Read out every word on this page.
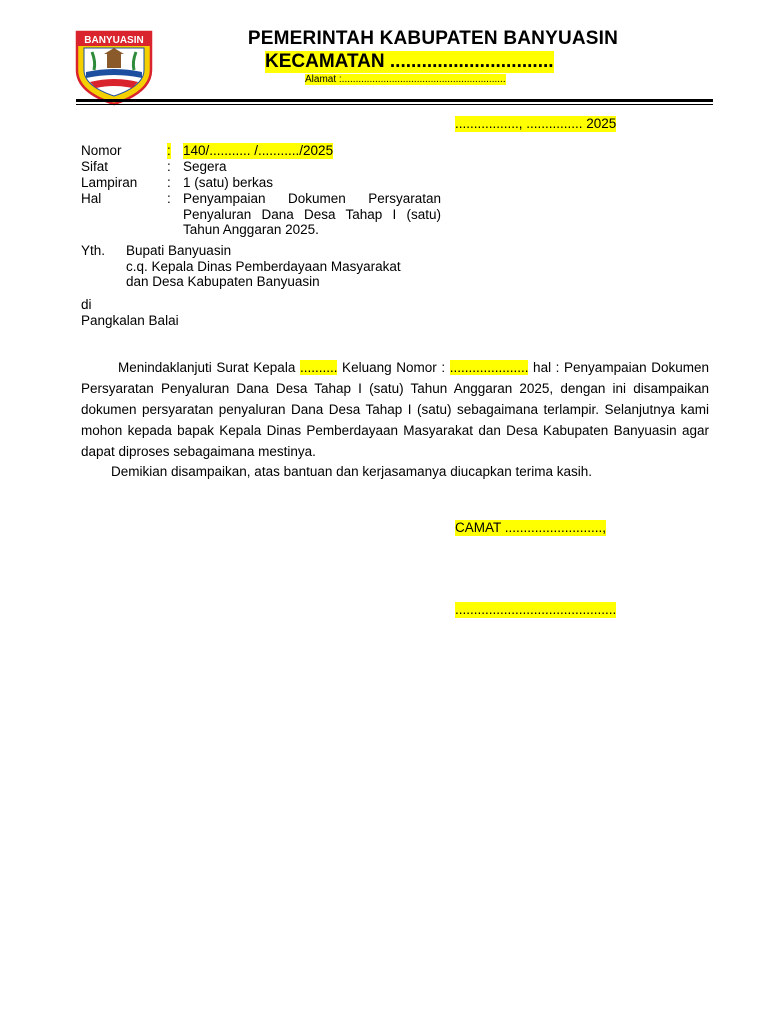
BANYUASIN	PEMERINTAH KABUPATEN BANYUASIN
KECAMATAN ...............................
Alamat :...........................................................
................., ............... 2025
Nomor	: 140/........... /.........../2025
Sifat	: Segera
Lampiran : 1 (satu) berkas
Hal	: Penyampaian Dokumen Persyaratan Penyaluran Dana Desa Tahap I (satu) Tahun Anggaran 2025.
Yth. Bupati Banyuasin
c.q. Kepala Dinas Pemberdayaan Masyarakat
dan Desa Kabupaten Banyuasin
di
Pangkalan Balai
Menindaklanjuti Surat Kepala .......... Keluang Nomor : ..................... hal : Penyampaian Dokumen Persyaratan Penyaluran Dana Desa Tahap I (satu) Tahun Anggaran 2025, dengan ini disampaikan dokumen persyaratan penyaluran Dana Desa Tahap I (satu) sebagaimana terlampir. Selanjutnya kami mohon kepada bapak Kepala Dinas Pemberdayaan Masyarakat dan Desa Kabupaten Banyuasin agar dapat diproses sebagaimana mestinya.
Demikian disampaikan, atas bantuan dan kerjasamanya diucapkan terima kasih.
CAMAT ..........................,
...........................................
